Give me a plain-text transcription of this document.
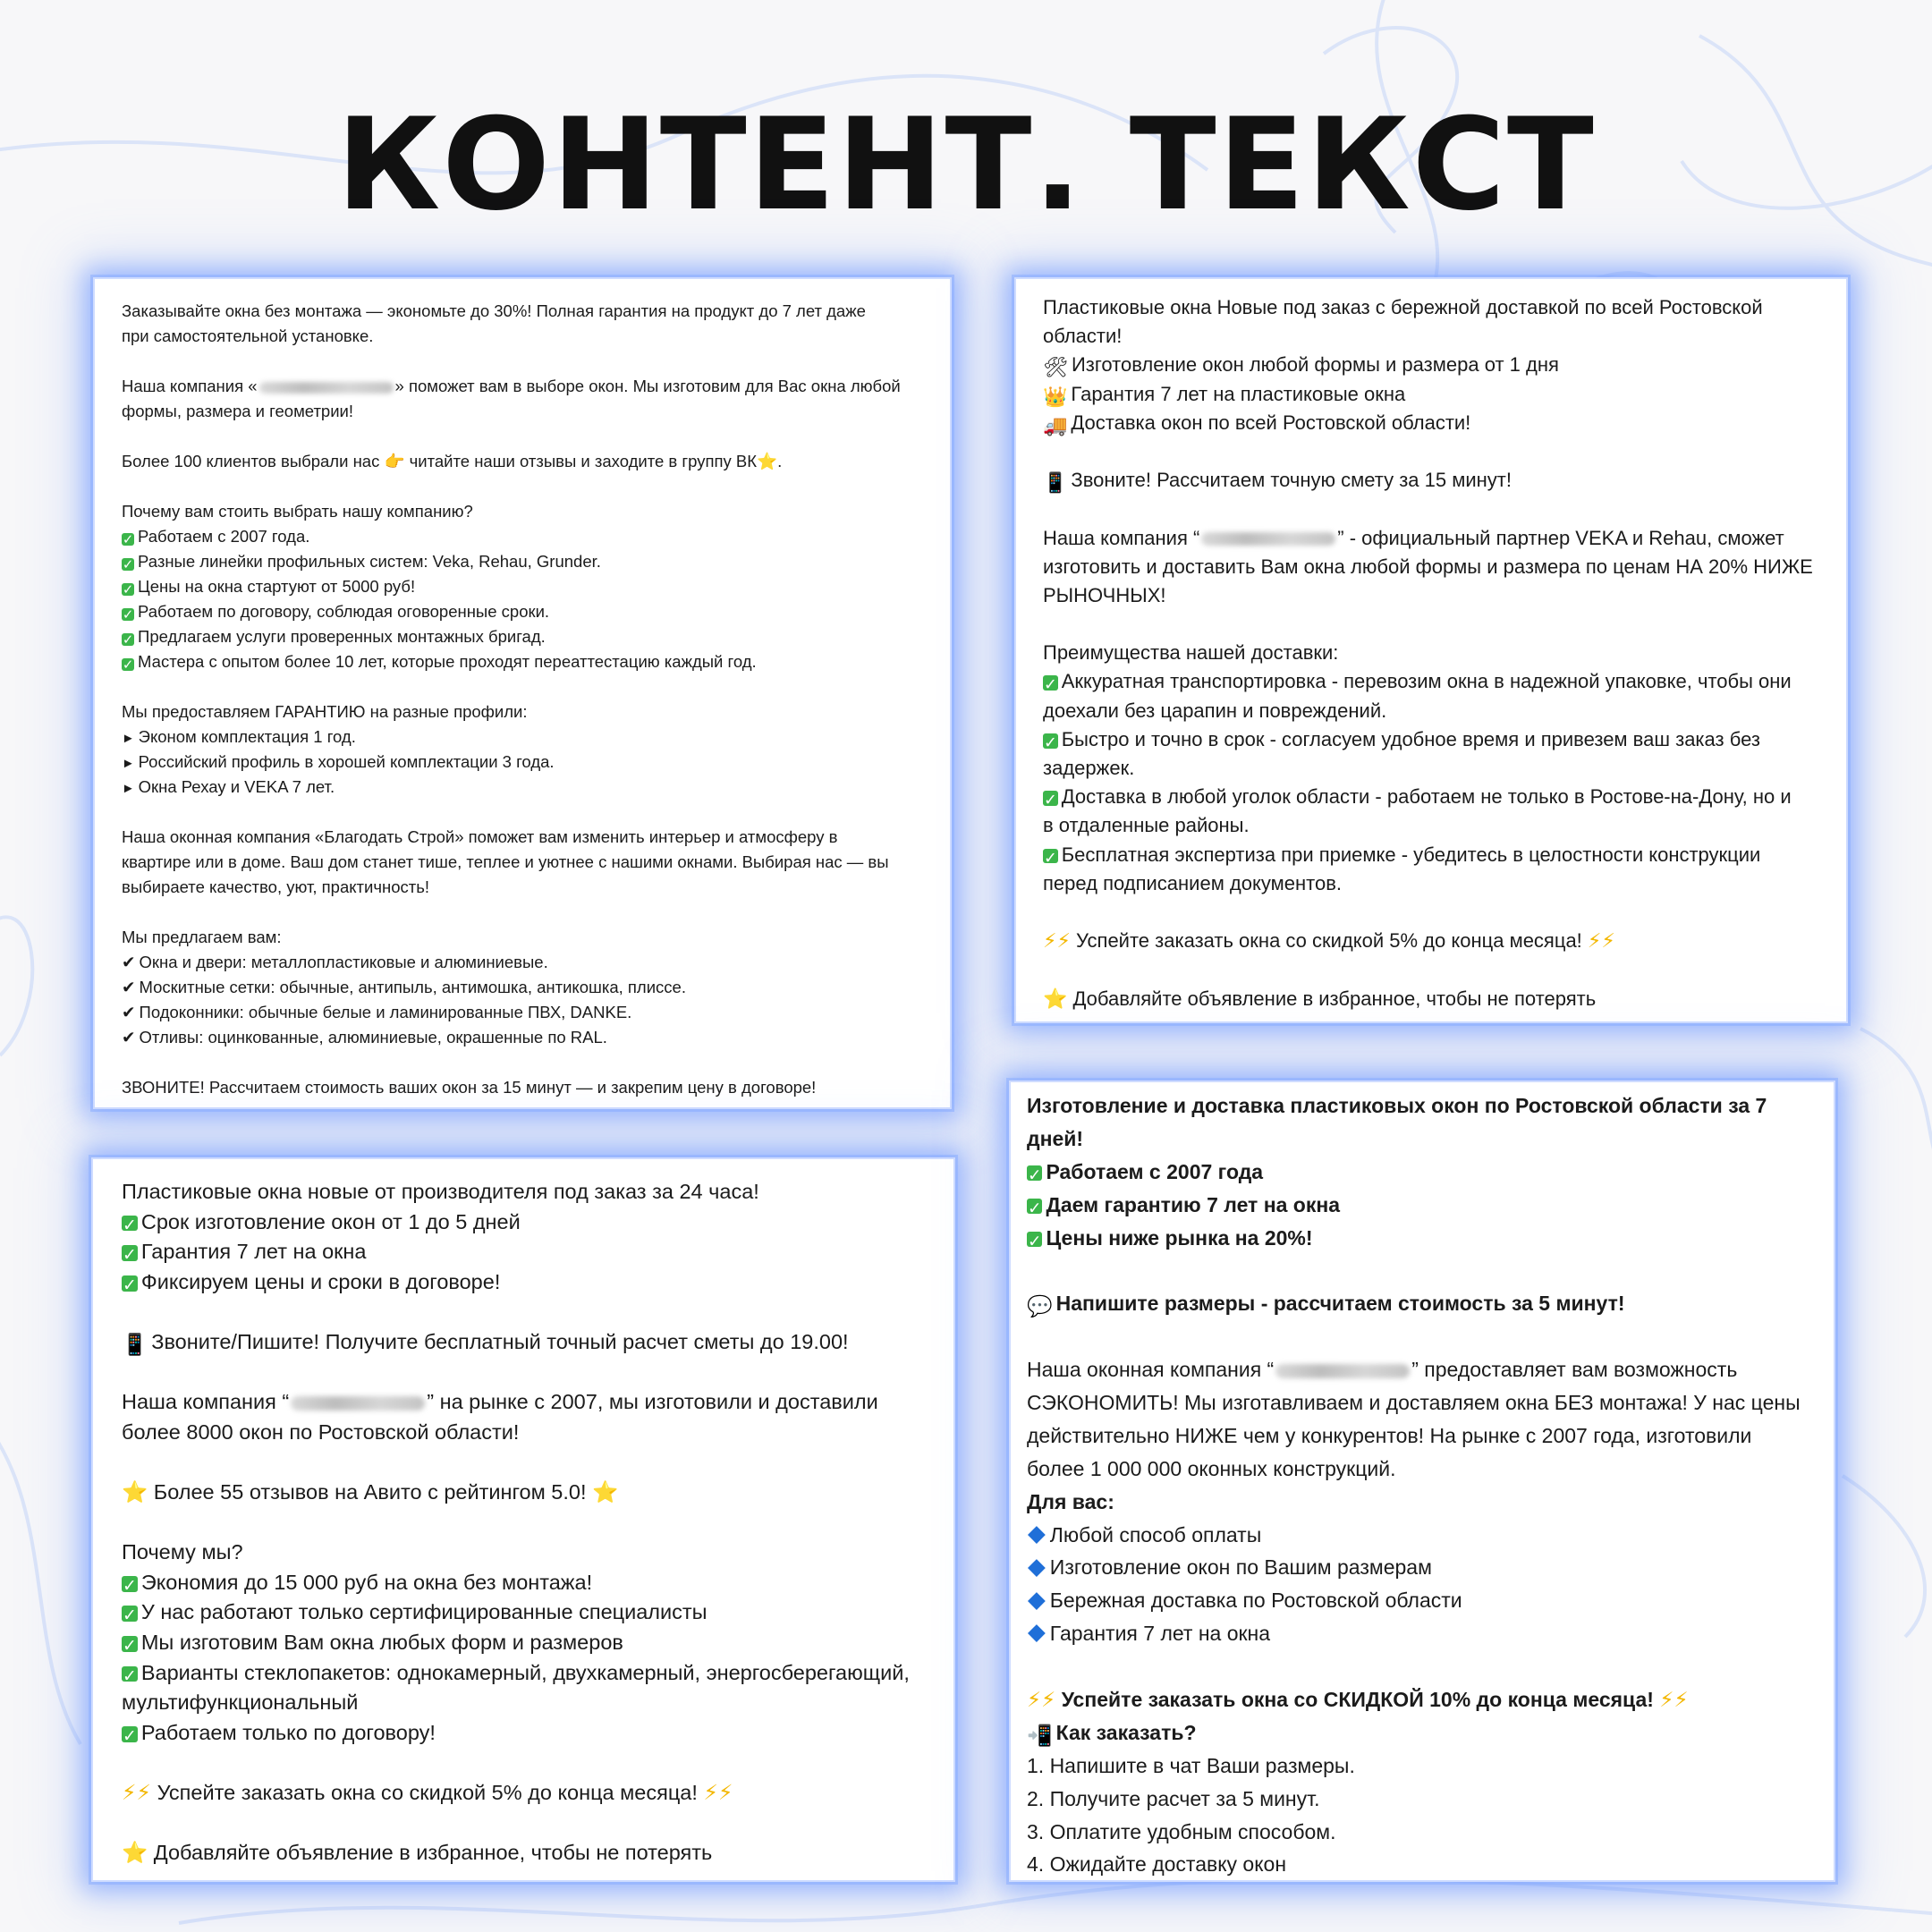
КОНТЕНТ. ТЕКСТ
Заказывайте окна без монтажа — экономьте до 30%! Полная гарантия на продукт до 7 лет даже
при самостоятельной установке.
Наша компания «	» поможет вам в выборе окон. Мы изготовим для Вас окна любой
формы, размера и геометрии!
Более 100 клиентов выбрали нас 👉 читайте наши отзывы и заходите в группу ВК⭐.
Почему вам стоить выбрать нашу компанию?
✓ Работаем с 2007 года.
✓ Разные линейки профильных систем: Veka, Rehau, Grunder.
✓ Цены на окна стартуют от 5000 руб!
✓ Работаем по договору, соблюдая оговоренные сроки.
✓ Предлагаем услуги проверенных монтажных бригад.
✓ Мастера с опытом более 10 лет, которые проходят переаттестацию каждый год.
Мы предоставляем ГАРАНТИЮ на разные профили:
► Эконом комплектация 1 год.
► Российский профиль в хорошей комплектации 3 года.
► Окна Рехау и VEKA 7 лет.
Наша оконная компания «Благодать Строй» поможет вам изменить интерьер и атмосферу в
квартире или в доме. Ваш дом станет тише, теплее и уютнее с нашими окнами. Выбирая нас — вы
выбираете качество, уют, практичность!
Мы предлагаем вам:
✔ Окна и двери: металлопластиковые и алюминиевые.
✔ Москитные сетки: обычные, антипыль, антимошка, антикошка, плиссе.
✔ Подоконники: обычные белые и ламинированные ПВХ, DANKE.
✔ Отливы: оцинкованные, алюминиевые, окрашенные по RAL.
ЗВОНИТЕ! Рассчитаем стоимость ваших окон за 15 минут — и закрепим цену в договоре!
Пластиковые окна Новые под заказ с бережной доставкой по всей Ростовской
области!
🛠 Изготовление окон любой формы и размера от 1 дня
👑 Гарантия 7 лет на пластиковые окна
🚚 Доставка окон по всей Ростовской области!
📱 Звоните! Рассчитаем точную смету за 15 минут!
Наша компания “	” - официальный партнер VEKA и Rehau, сможет
изготовить и доставить Вам окна любой формы и размера по ценам НА 20% НИЖЕ
РЫНОЧНЫХ!
Преимущества нашей доставки:
✓ Аккуратная транспортировка - перевозим окна в надежной упаковке, чтобы они
доехали без царапин и повреждений.
✓ Быстро и точно в срок - согласуем удобное время и привезем ваш заказ без
задержек.
✓ Доставка в любой уголок области - работаем не только в Ростове-на-Дону, но и
в отдаленные районы.
✓ Бесплатная экспертиза при приемке - убедитесь в целостности конструкции
перед подписанием документов.
⚡⚡ Успейте заказать окна со скидкой 5% до конца месяца! ⚡⚡
⭐ Добавляйте объявление в избранное, чтобы не потерять
Пластиковые окна новые от производителя под заказ за 24 часа!
✓ Срок изготовление окон от 1 до 5 дней
✓ Гарантия 7 лет на окна
✓ Фиксируем цены и сроки в договоре!
📱 Звоните/Пишите! Получите бесплатный точный расчет сметы до 19.00!
Наша компания “	” на рынке с 2007, мы изготовили и доставили
более 8000 окон по Ростовской области!
⭐ Более 55 отзывов на Авито с рейтингом 5.0! ⭐
Почему мы?
✓ Экономия до 15 000 руб на окна без монтажа!
✓ У нас работают только сертифицированные специалисты
✓ Мы изготовим Вам окна любых форм и размеров
✓ Варианты стеклопакетов: однокамерный, двухкамерный, энергосберегающий,
мультифункциональный
✓ Работаем только по договору!
⚡⚡ Успейте заказать окна со скидкой 5% до конца месяца! ⚡⚡
⭐ Добавляйте объявление в избранное, чтобы не потерять
Изготовление и доставка пластиковых окон по Ростовской области за 7
дней!
✓ Работаем с 2007 года
✓ Даем гарантию 7 лет на окна
✓ Цены ниже рынка на 20%!
💬 Напишите размеры - рассчитаем стоимость за 5 минут!
Наша оконная компания “	” предоставляет вам возможность
СЭКОНОМИТЬ! Мы изготавливаем и доставляем окна БЕЗ монтажа! У нас цены
действительно НИЖЕ чем у конкурентов! На рынке с 2007 года, изготовили
более 1 000 000 оконных конструкций.
Для вас:
Любой способ оплаты
Изготовление окон по Вашим размерам
Бережная доставка по Ростовской области
Гарантия 7 лет на окна
⚡⚡ Успейте заказать окна со СКИДКОЙ 10% до конца месяца! ⚡⚡
📲 Как заказать?
1. Напишите в чат Ваши размеры.
2. Получите расчет за 5 минут.
3. Оплатите удобным способом.
4. Ожидайте доставку окон
